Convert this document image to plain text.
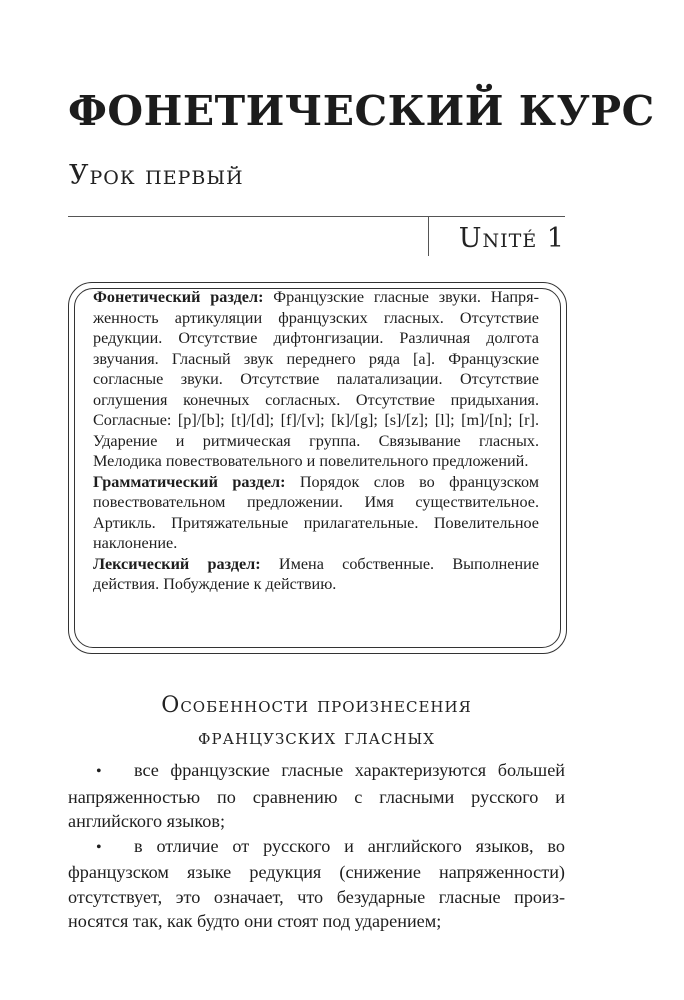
ФОНЕТИЧЕСКИЙ КУРС
Урок первый
Unité 1

Фонетический раздел: Французские гласные звуки. Напряженность артикуляции французских гласных. Отсутствие редукции. Отсутствие дифтонгизации. Различная долгота звучания. Гласный звук переднего ряда [a]. Французские согласные звуки. Отсутствие палатализации. Отсутствие оглушения конечных согласных. Отсутствие придыхания. Согласные: [p]/[b]; [t]/[d]; [f]/[v]; [k]/[g]; [s]/[z]; [l]; [m]/[n]; [r]. Ударение и ритмическая группа. Связывание гласных. Мелодика повествовательного и повелительного предложений.

Грамматический раздел: Порядок слов во французском повествовательном предложении. Имя существительное. Артикль. Притяжательные прилагательные. Повелительное наклонение.

Лексический раздел: Имена собственные. Выполнение действия. Побуждение к действию.

Особенности произнесения
французских гласных
• все французские гласные характеризуются большей напряженностью по сравнению с гласными русского и английского языков;
• в отличие от русского и английского языков, во французском языке редукция (снижение напряженности) отсутствует, это означает, что безударные гласные произносятся так, как будто они стоят под ударением;
